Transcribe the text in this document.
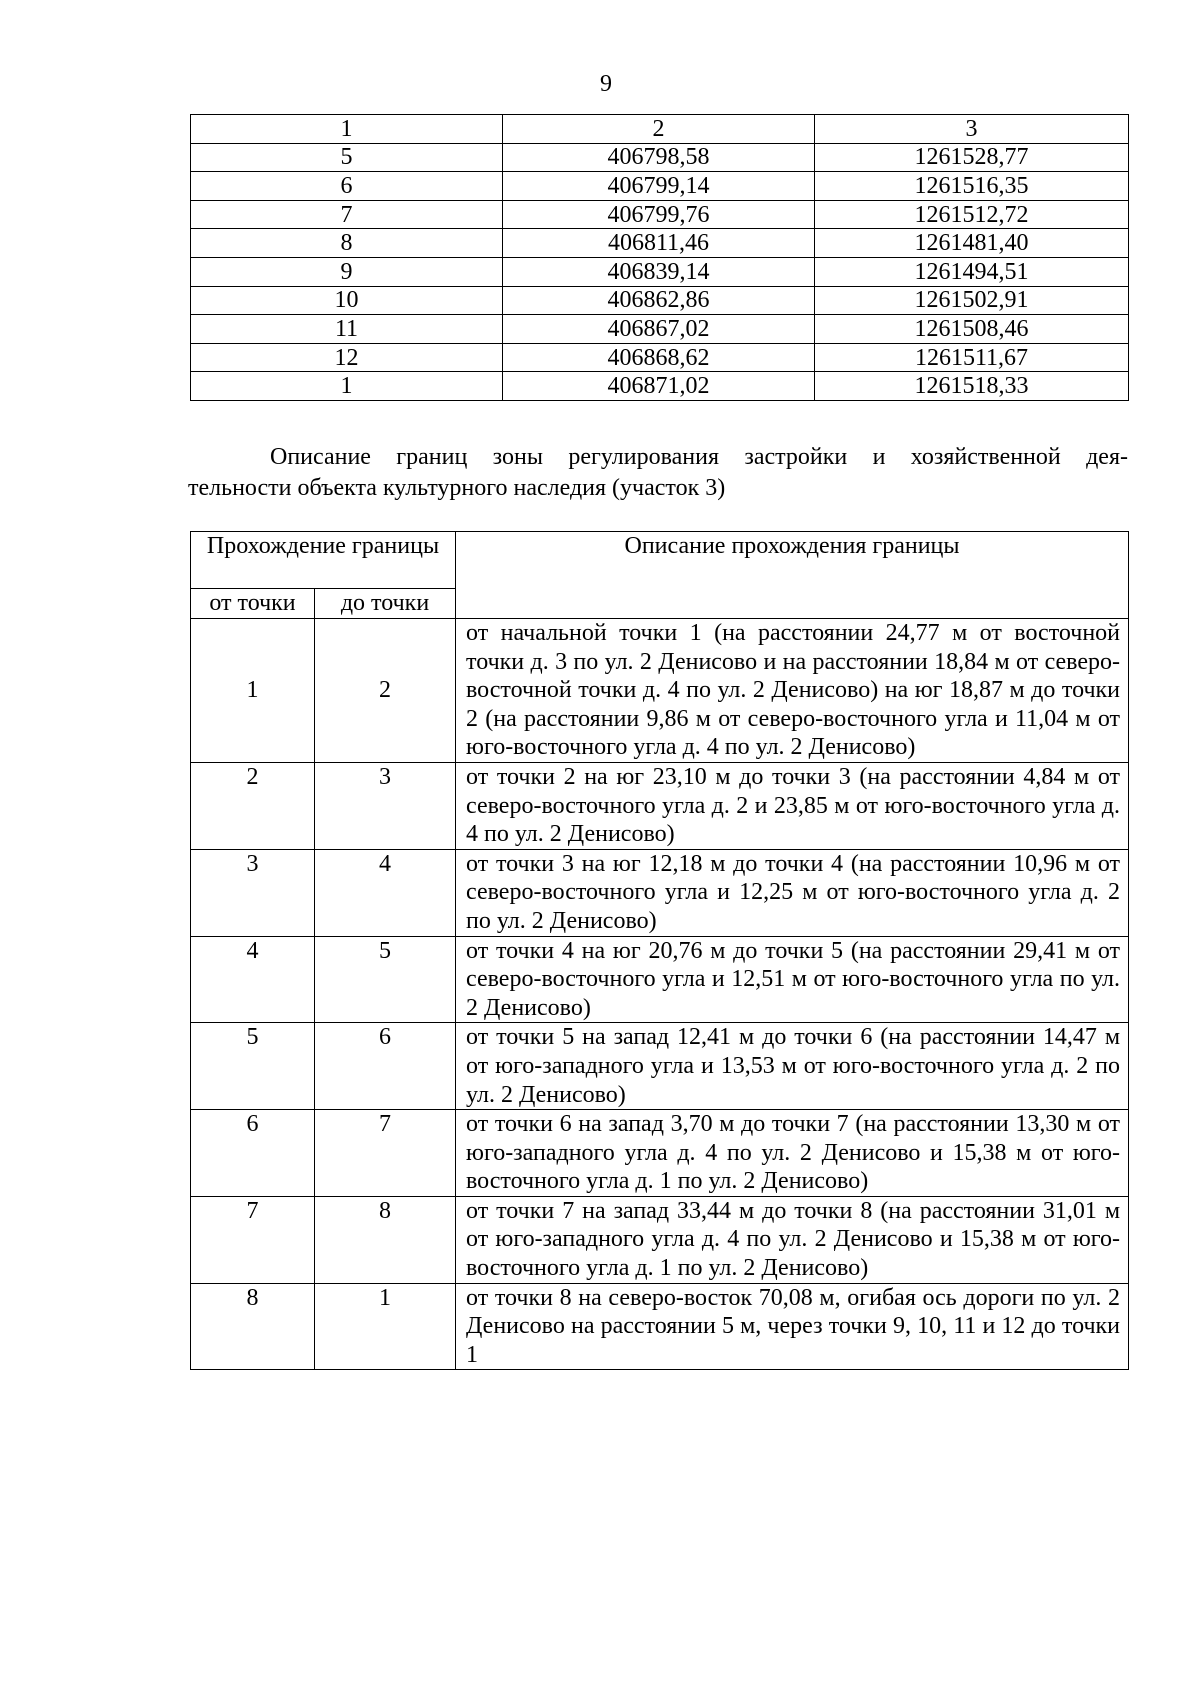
9
1	2	3
5	406798,58	1261528,77
6	406799,14	1261516,35
7	406799,76	1261512,72
8	406811,46	1261481,40
9	406839,14	1261494,51
10	406862,86	1261502,91
11	406867,02	1261508,46
12	406868,62	1261511,67
1	406871,02	1261518,33
Описание границ зоны регулирования застройки и хозяйственной дея-
тельности объекта культурного наследия (участок 3)
Прохождение границы		Описание прохождения границы
от точки	до точки	
1	2	от начальной точки 1 (на расстоянии 24,77 м от восточной точки д. 3 по ул. 2 Денисово и на расстоянии 18,84 м от северо-восточной точки д. 4 по ул. 2 Денисово) на юг 18,87 м до точки 2 (на расстоянии 9,86 м от северо-восточного угла и 11,04 м от юго-восточного угла д. 4 по ул. 2 Денисово)
2	3	от точки 2 на юг 23,10 м до точки 3 (на расстоянии 4,84 м от северо-восточного угла д. 2 и 23,85 м от юго-восточного угла д. 4 по ул. 2 Денисово)
3	4	от точки 3 на юг 12,18 м до точки 4 (на расстоянии 10,96 м от северо-восточного угла и 12,25 м от юго-восточного угла д. 2 по ул. 2 Денисово)
4	5	от точки 4 на юг 20,76 м до точки 5 (на расстоянии 29,41 м от северо-восточного угла и 12,51 м от юго-восточного угла по ул. 2 Денисово)
5	6	от точки 5 на запад 12,41 м до точки 6 (на расстоянии 14,47 м от юго-западного угла и 13,53 м от юго-восточного угла д. 2 по ул. 2 Денисово)
6	7	от точки 6 на запад 3,70 м до точки 7 (на расстоянии 13,30 м от юго-западного угла д. 4 по ул. 2 Денисово и 15,38 м от юго-восточного угла д. 1 по ул. 2 Денисово)
7	8	от точки 7 на запад 33,44 м до точки 8 (на расстоянии 31,01 м от юго-западного угла д. 4 по ул. 2 Денисово и 15,38 м от юго-восточного угла д. 1 по ул. 2 Денисово)
8	1	от точки 8 на северо-восток 70,08 м, огибая ось дороги по ул. 2 Денисово на расстоянии 5 м, через точки 9, 10, 11 и 12 до точки 1
